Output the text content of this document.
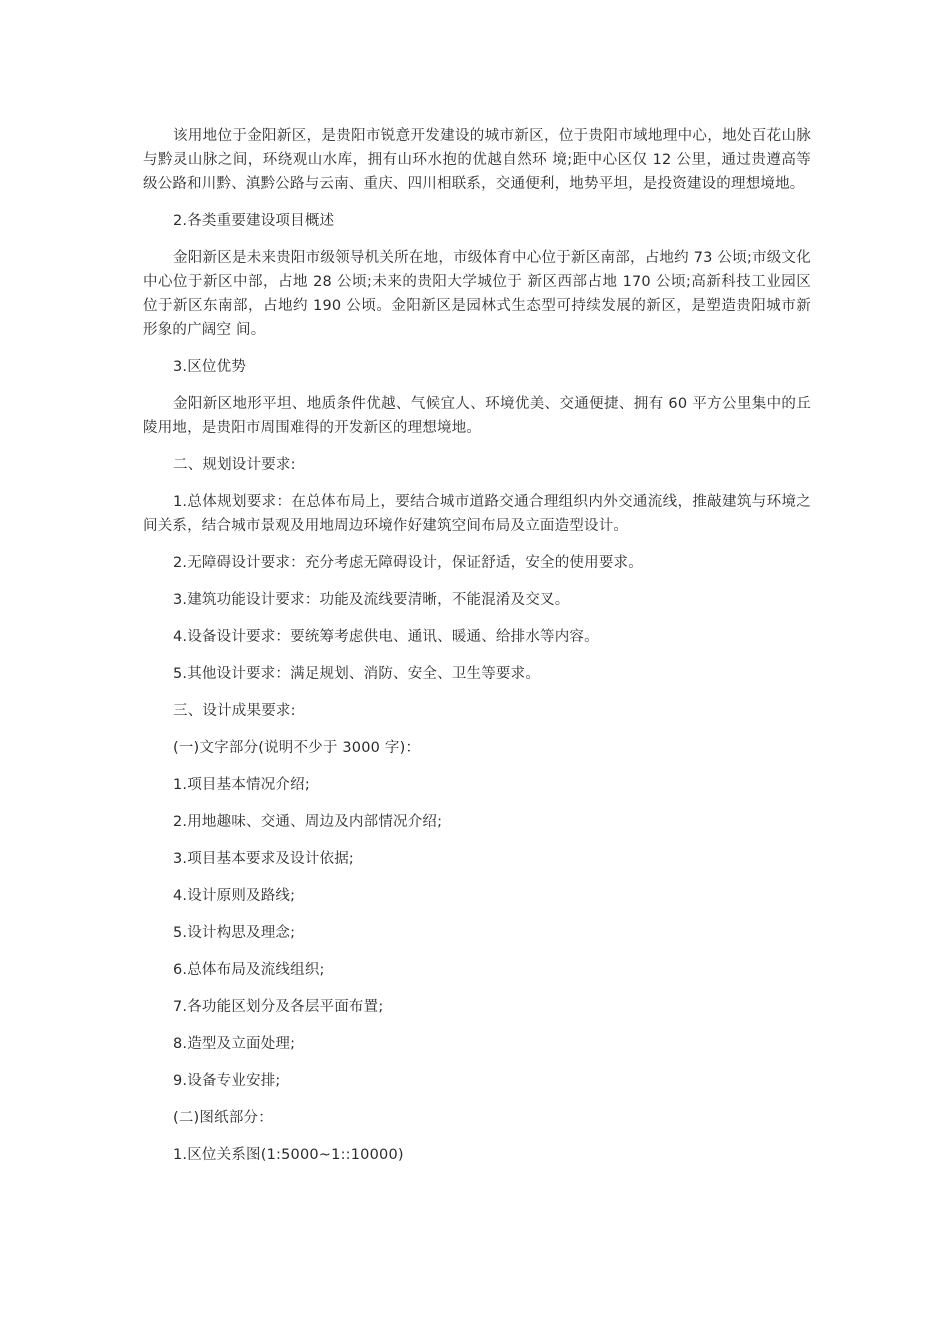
该用地位于金阳新区，是贵阳市锐意开发建设的城市新区，位于贵阳市域地理中心，地处百花山脉与黔灵山脉之间，环绕观山水库，拥有山环水抱的优越自然环 境;距中心区仅 12 公里，通过贵遵高等级公路和川黔、滇黔公路与云南、重庆、四川相联系，交通便利，地势平坦，是投资建设的理想境地。

2.各类重要建设项目概述

金阳新区是未来贵阳市级领导机关所在地，市级体育中心位于新区南部，占地约 73 公顷;市级文化中心位于新区中部，占地 28 公顷;未来的贵阳大学城位于 新区西部占地 170 公顷;高新科技工业园区位于新区东南部，占地约 190 公顷。金阳新区是园林式生态型可持续发展的新区，是塑造贵阳城市新形象的广阔空 间。

3.区位优势

金阳新区地形平坦、地质条件优越、气候宜人、环境优美、交通便捷、拥有 60 平方公里集中的丘陵用地，是贵阳市周围难得的开发新区的理想境地。

二、规划设计要求:

1.总体规划要求：在总体布局上，要结合城市道路交通合理组织内外交通流线，推敲建筑与环境之间关系，结合城市景观及用地周边环境作好建筑空间布局及立面造型设计。

2.无障碍设计要求：充分考虑无障碍设计，保证舒适，安全的使用要求。

3.建筑功能设计要求：功能及流线要清晰，不能混淆及交叉。

4.设备设计要求：要统筹考虑供电、通讯、暖通、给排水等内容。

5.其他设计要求：满足规划、消防、安全、卫生等要求。

三、设计成果要求:

(一)文字部分(说明不少于 3000 字)：

1.项目基本情况介绍;

2.用地趣味、交通、周边及内部情况介绍;

3.项目基本要求及设计依据;

4.设计原则及路线;

5.设计构思及理念;

6.总体布局及流线组织;

7.各功能区划分及各层平面布置;

8.造型及立面处理;

9.设备专业安排;

(二)图纸部分：

1.区位关系图(1:5000~1::10000)
